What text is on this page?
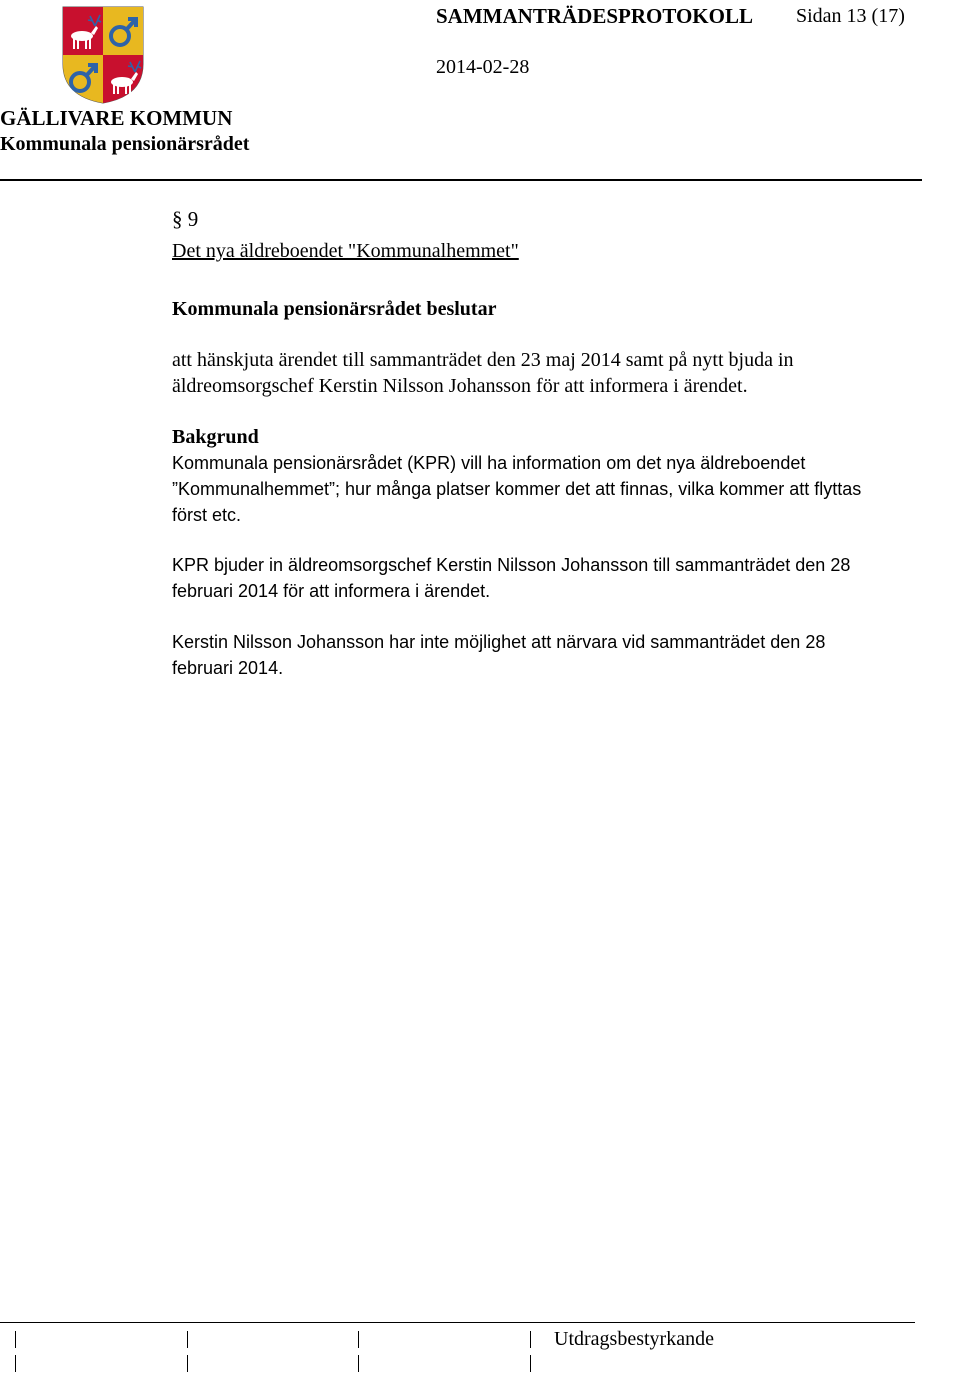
SAMMANTRÄDESPROTOKOLL Sidan 13 (17)
2014-02-28
GÄLLIVARE KOMMUN
Kommunala pensionärsrådet
§ 9
Det nya äldreboendet "Kommunalhemmet"
Kommunala pensionärsrådet beslutar
att hänskjuta ärendet till sammanträdet den 23 maj 2014 samt på nytt bjuda in
äldreomsorgschef Kerstin Nilsson Johansson för att informera i ärendet.
Bakgrund
Kommunala pensionärsrådet (KPR) vill ha information om det nya äldreboendet
”Kommunalhemmet”; hur många platser kommer det att finnas, vilka kommer att flyttas
först etc.
KPR bjuder in äldreomsorgschef Kerstin Nilsson Johansson till sammanträdet den 28
februari 2014 för att informera i ärendet.
Kerstin Nilsson Johansson har inte möjlighet att närvara vid sammanträdet den 28
februari 2014.
Utdragsbestyrkande
